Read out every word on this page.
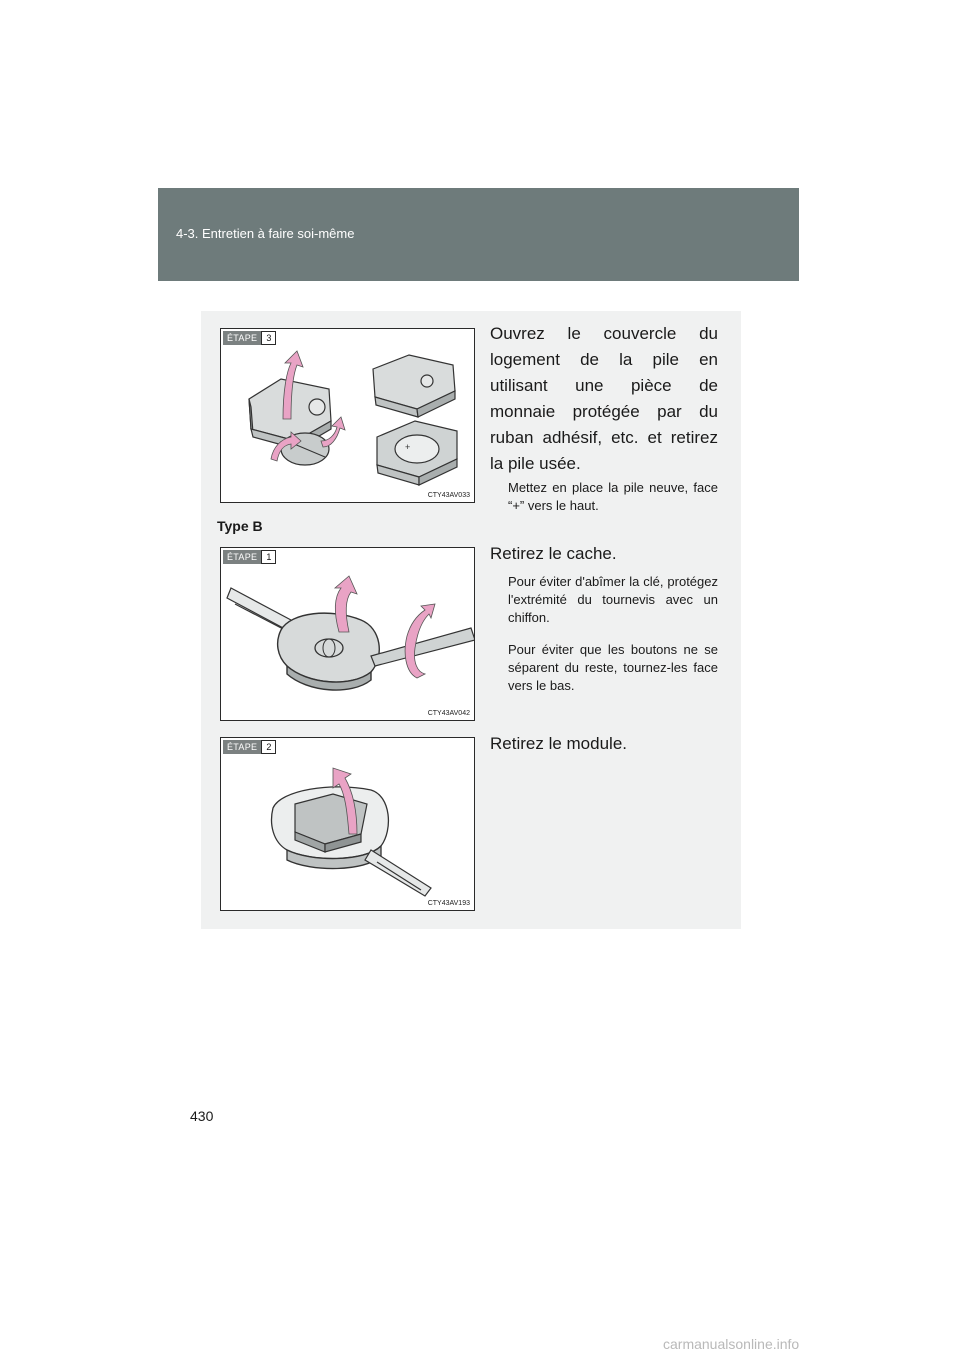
4-3. Entretien à faire soi-même
+
ÉTAPE	3
CTY43AV033
Ouvrez le couvercle du logement de la pile en utilisant une pièce de monnaie protégée par du ruban adhésif, etc. et retirez la pile usée.
Mettez en place la pile neuve, face “+” vers le haut.
Type B
ÉTAPE	1
CTY43AV042
Retirez le cache.
Pour éviter d'abîmer la clé, protégez l'extrémité du tournevis avec un chiffon.
Pour éviter que les boutons ne se séparent du reste, tournez-les face vers le bas.
ÉTAPE	2
CTY43AV193
Retirez le module.
430
carmanualsonline.info
